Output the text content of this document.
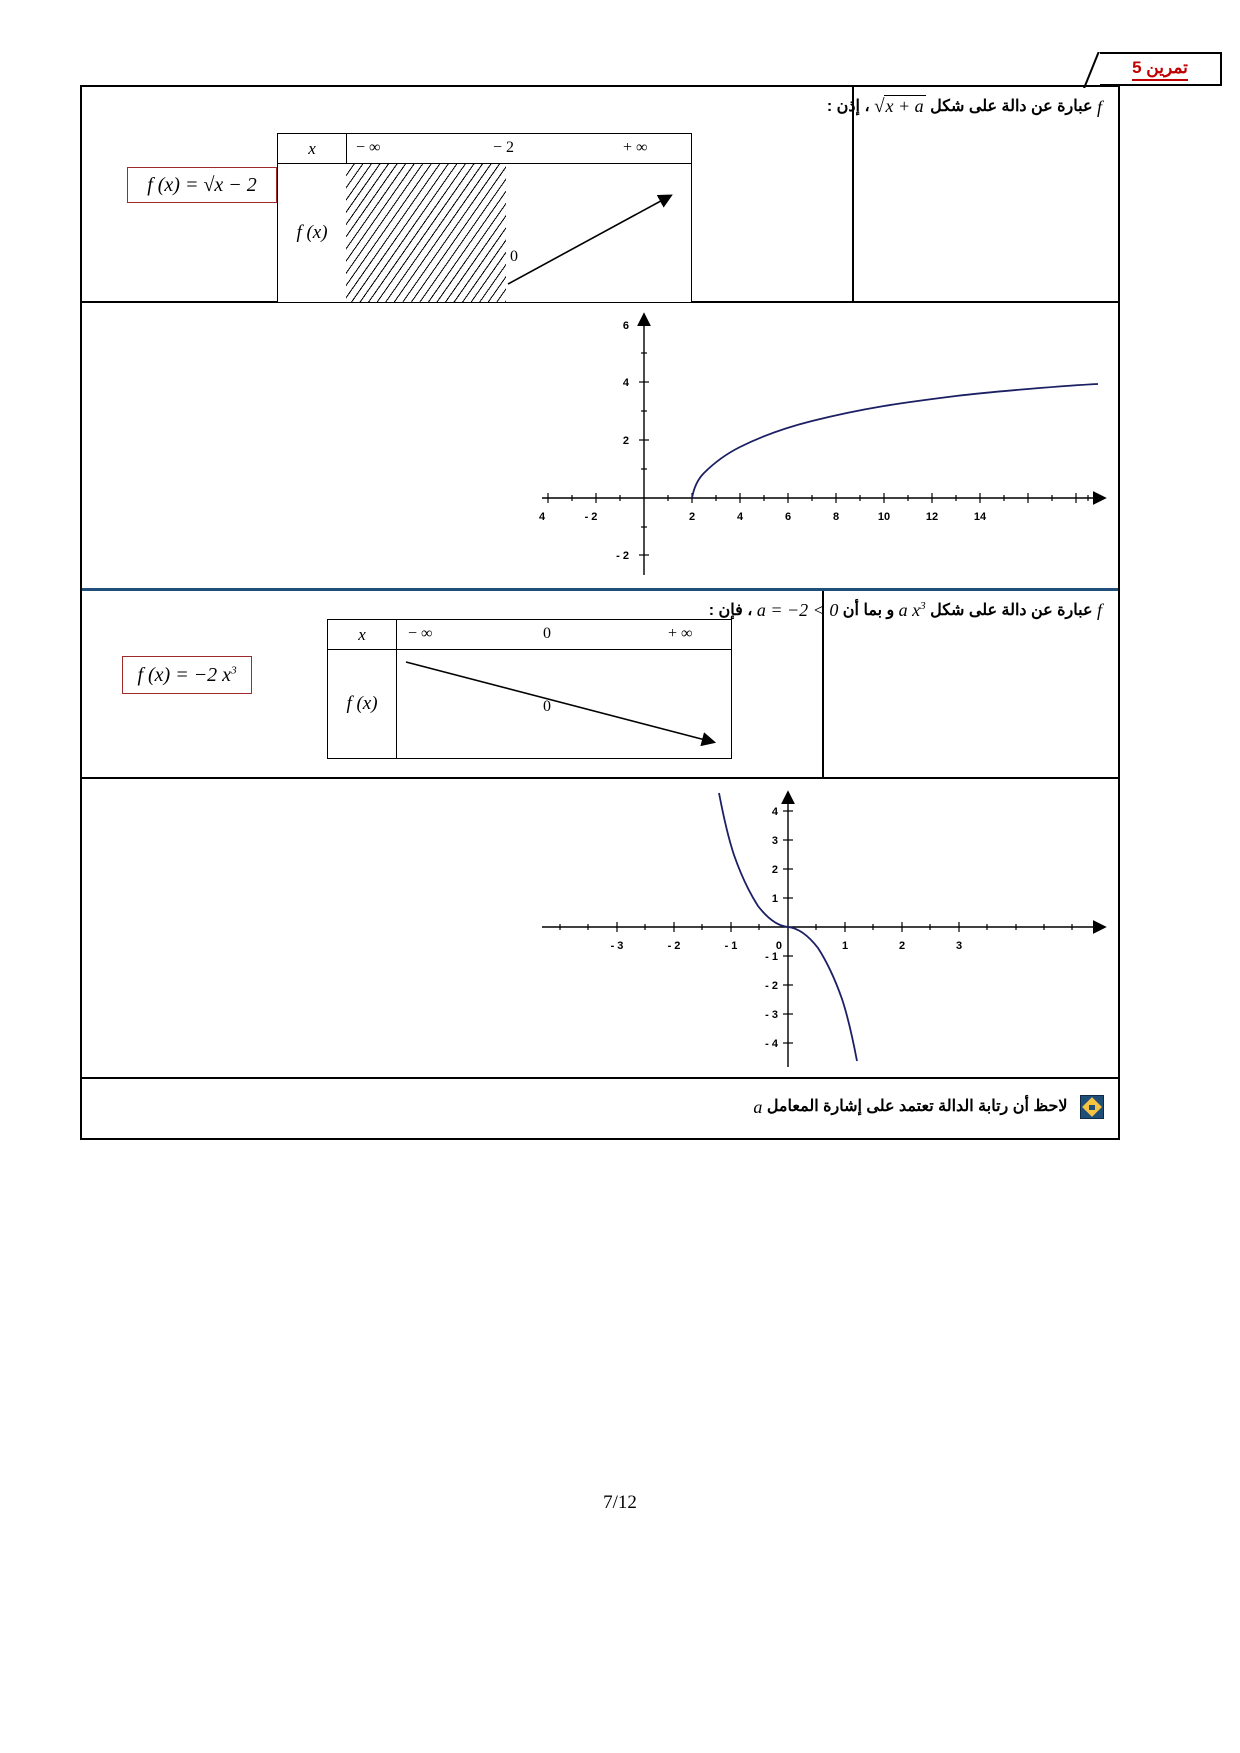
تمرين 5
f عبارة عن دالة على شكل √x + a ، إذن :
x	− ∞	− 2	+ ∞
f (x)
0
f (x) = √x − 2
4	- 2	2	4	6	8	10	12	14
6
4
2
- 2
f عبارة عن دالة على شكل a $x^3$ و بما أن a = −2 < 0 ، فإن :
x	− ∞	0	+ ∞
f (x)	0
f (x) = −2 $x^3$
- 3	- 2	- 1	1	2	3
4
3
2
1
0
- 1
- 2
- 3
- 4
لاحظ أن رتابة الدالة تعتمد على إشارة المعامل a
7/12
